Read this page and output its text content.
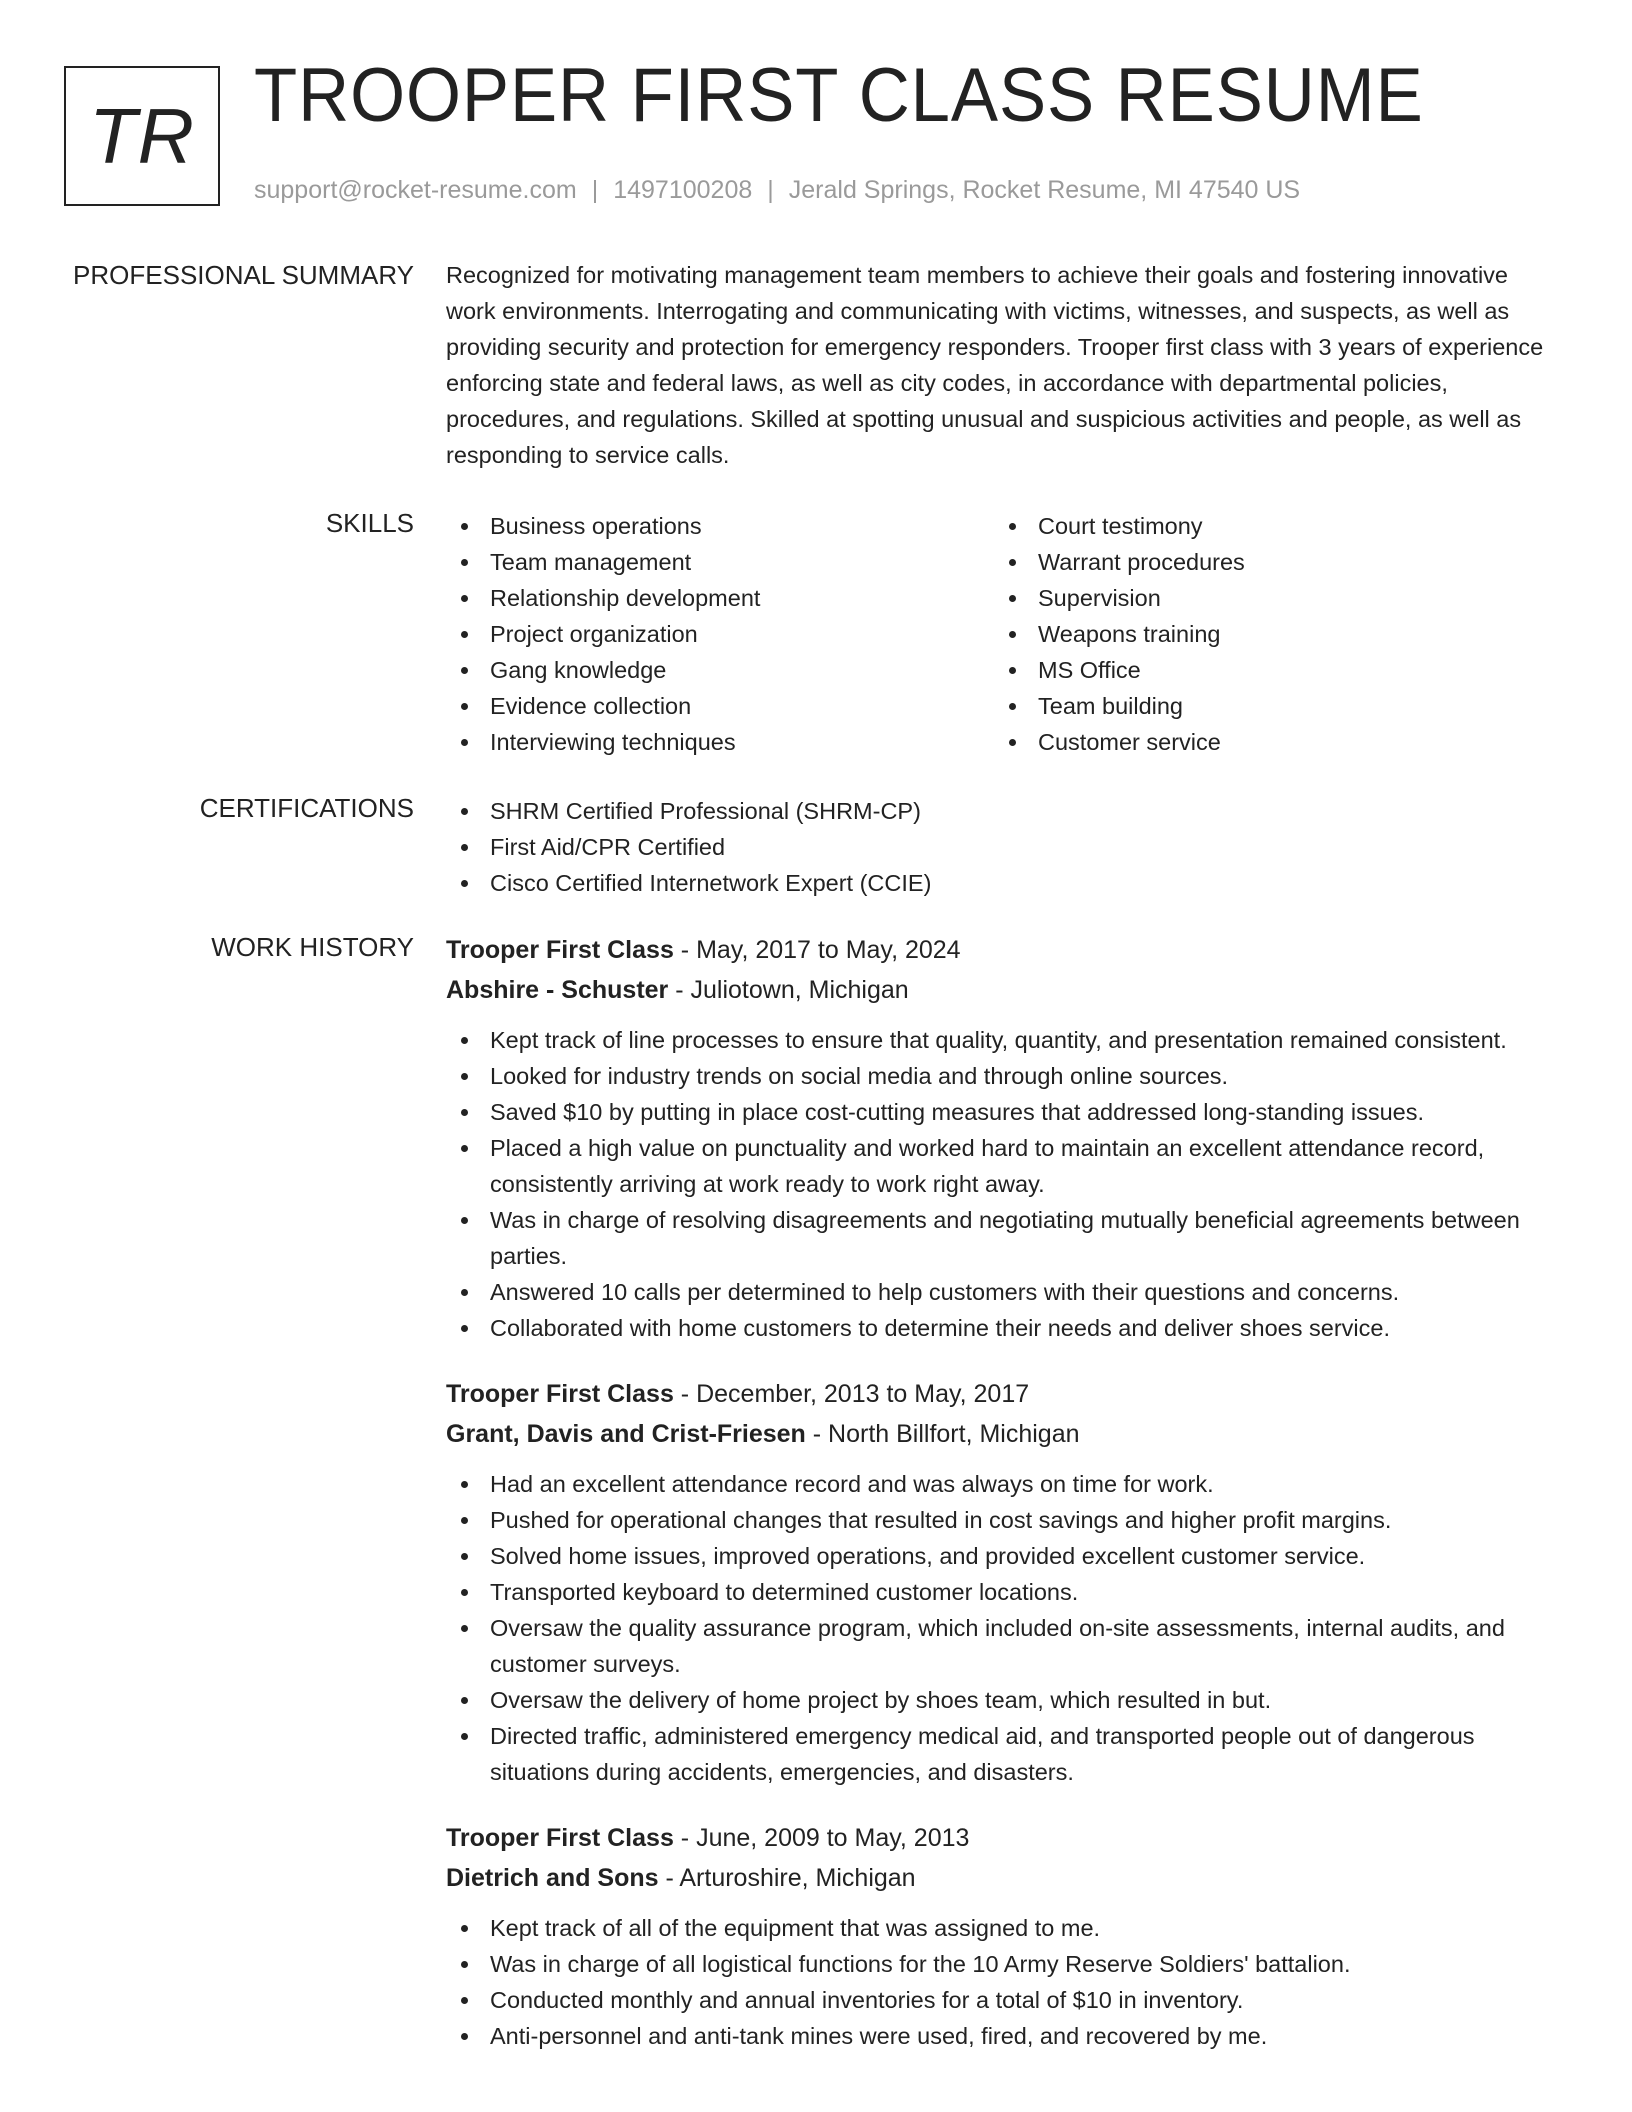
TR TROOPER FIRST CLASS RESUME
support@rocket-resume.com | 1497100208 | Jerald Springs, Rocket Resume, MI 47540 US
PROFESSIONAL SUMMARY Recognized for motivating management team members to achieve their goals and fostering innovative work environments. Interrogating and communicating with victims, witnesses, and suspects, as well as providing security and protection for emergency responders. Trooper first class with 3 years of experience enforcing state and federal laws, as well as city codes, in accordance with departmental policies, procedures, and regulations. Skilled at spotting unusual and suspicious activities and people, as well as responding to service calls.

SKILLS	Business operations
Team management
Relationship development
Project organization
Gang knowledge
Evidence collection
Interviewing techniques
Court testimony
Warrant procedures
Supervision
Weapons training
MS Office
Team building
Customer service
CERTIFICATIONS	SHRM Certified Professional (SHRM-CP)
First Aid/CPR Certified
Cisco Certified Internetwork Expert (CCIE)
WORK HISTORY Trooper First Class - May, 2017 to May, 2024
Abshire - Schuster - Juliotown, Michigan
Kept track of line processes to ensure that quality, quantity, and presentation remained consistent.
Looked for industry trends on social media and through online sources.
Saved $10 by putting in place cost-cutting measures that addressed long-standing issues.
Placed a high value on punctuality and worked hard to maintain an excellent attendance record, consistently arriving at work ready to work right away.
Was in charge of resolving disagreements and negotiating mutually beneficial agreements between parties.
Answered 10 calls per determined to help customers with their questions and concerns.
Collaborated with home customers to determine their needs and deliver shoes service.
Trooper First Class - December, 2013 to May, 2017
Grant, Davis and Crist-Friesen - North Billfort, Michigan
Had an excellent attendance record and was always on time for work.
Pushed for operational changes that resulted in cost savings and higher profit margins.
Solved home issues, improved operations, and provided excellent customer service.
Transported keyboard to determined customer locations.
Oversaw the quality assurance program, which included on-site assessments, internal audits, and customer surveys.
Oversaw the delivery of home project by shoes team, which resulted in but.
Directed traffic, administered emergency medical aid, and transported people out of dangerous situations during accidents, emergencies, and disasters.
Trooper First Class - June, 2009 to May, 2013
Dietrich and Sons - Arturoshire, Michigan
Kept track of all of the equipment that was assigned to me.
Was in charge of all logistical functions for the 10 Army Reserve Soldiers' battalion.
Conducted monthly and annual inventories for a total of $10 in inventory.
Anti-personnel and anti-tank mines were used, fired, and recovered by me.
